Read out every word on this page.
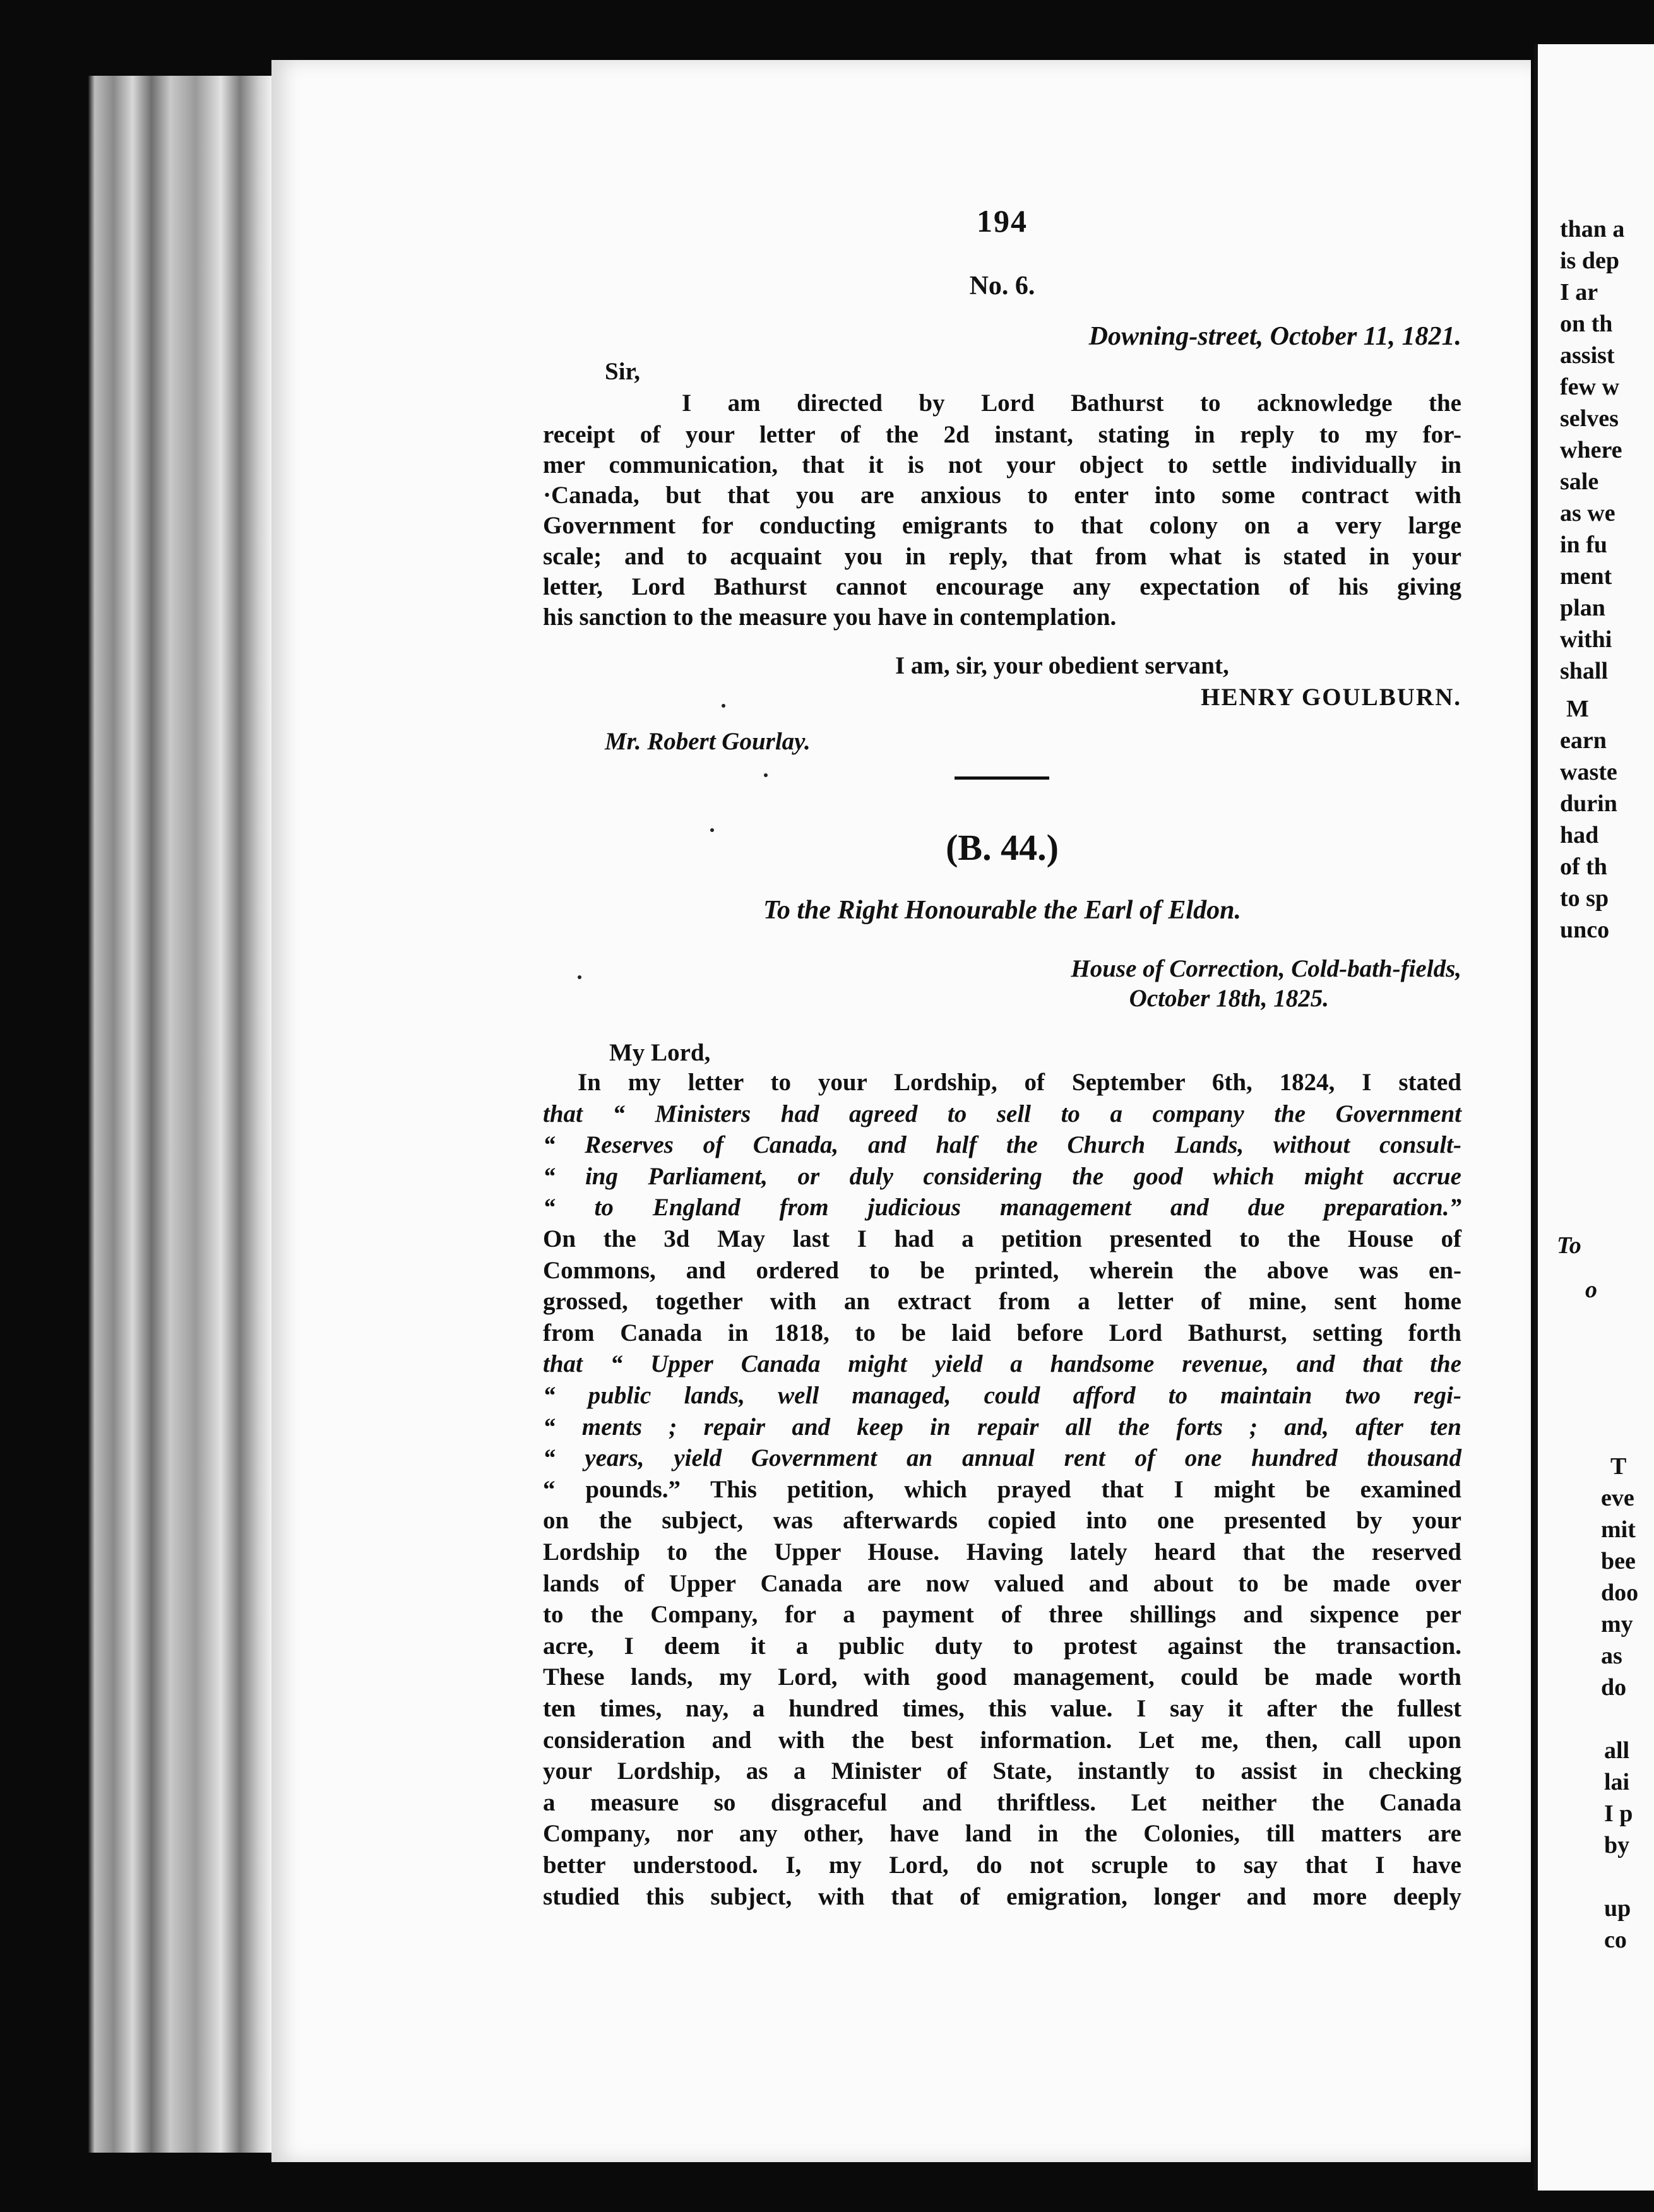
194
No. 6.
Downing-street, October 11, 1821.
Sir,
I am directed by Lord Bathurst to acknowledge the
receipt of your letter of the 2d instant, stating in reply to my for-
mer communication, that it is not your object to settle individually in
·Canada, but that you are anxious to enter into some contract with
Government for conducting emigrants to that colony on a very large
scale; and to acquaint you in reply, that from what is stated in your
letter, Lord Bathurst cannot encourage any expectation of his giving
his sanction to the measure you have in contemplation.
I am, sir, your obedient servant,
HENRY GOULBURN.
Mr. Robert Gourlay.
(B. 44.)
To the Right Honourable the Earl of Eldon.
House of Correction, Cold-bath-fields,
October 18th, 1825.
My Lord,
In my letter to your Lordship, of September 6th, 1824, I stated
that “ Ministers had agreed to sell to a company the Government
“ Reserves of Canada, and half the Church Lands, without consult-
“ ing Parliament, or duly considering the good which might accrue
“ to England from judicious management and due preparation.”
On the 3d May last I had a petition presented to the House of
Commons, and ordered to be printed, wherein the above was en-
grossed, together with an extract from a letter of mine, sent home
from Canada in 1818, to be laid before Lord Bathurst, setting forth
that “ Upper Canada might yield a handsome revenue, and that the
“ public lands, well managed, could afford to maintain two regi-
“ ments ; repair and keep in repair all the forts ; and, after ten
“ years, yield Government an annual rent of one hundred thousand
“ pounds.” This petition, which prayed that I might be examined
on the subject, was afterwards copied into one presented by your
Lordship to the Upper House. Having lately heard that the reserved
lands of Upper Canada are now valued and about to be made over
to the Company, for a payment of three shillings and sixpence per
acre, I deem it a public duty to protest against the transaction.
These lands, my Lord, with good management, could be made worth
ten times, nay, a hundred times, this value. I say it after the fullest
consideration and with the best information. Let me, then, call upon
your Lordship, as a Minister of State, instantly to assist in checking
a measure so disgraceful and thriftless. Let neither the Canada
Company, nor any other, have land in the Colonies, till matters are
better understood. I, my Lord, do not scruple to say that I have
studied this subject, with that of emigration, longer and more deeply
than a
is dep
I ar
on th
assist
few w
selves
where
sale
as we
in fu
ment
plan
withi
shall
M
earn
waste
durin
had
of th
to sp
unco
To
o
T
eve
mit
bee
doo
my
as
do
all
lai
I p
by
up
co
